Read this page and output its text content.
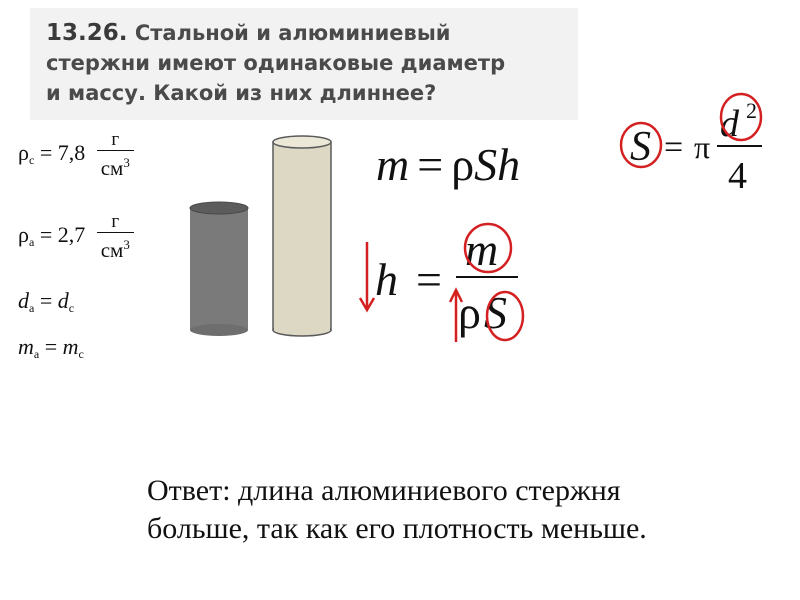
13.26. Стальной и алюминиевый
стержни имеют одинаковые диаметр
и массу. Какой из них длиннее?

$\rho_с = 7,8 \frac{г}{см^3}$
$\rho_а = 2,7 \frac{г}{см^3}$
$d_а = d_с$
$m_а = m_с$
m = ρSh
h =
m
ρ S
S = π
d 2
4

Ответ: длина алюминиевого стержня
больше, так как его плотность меньше.
